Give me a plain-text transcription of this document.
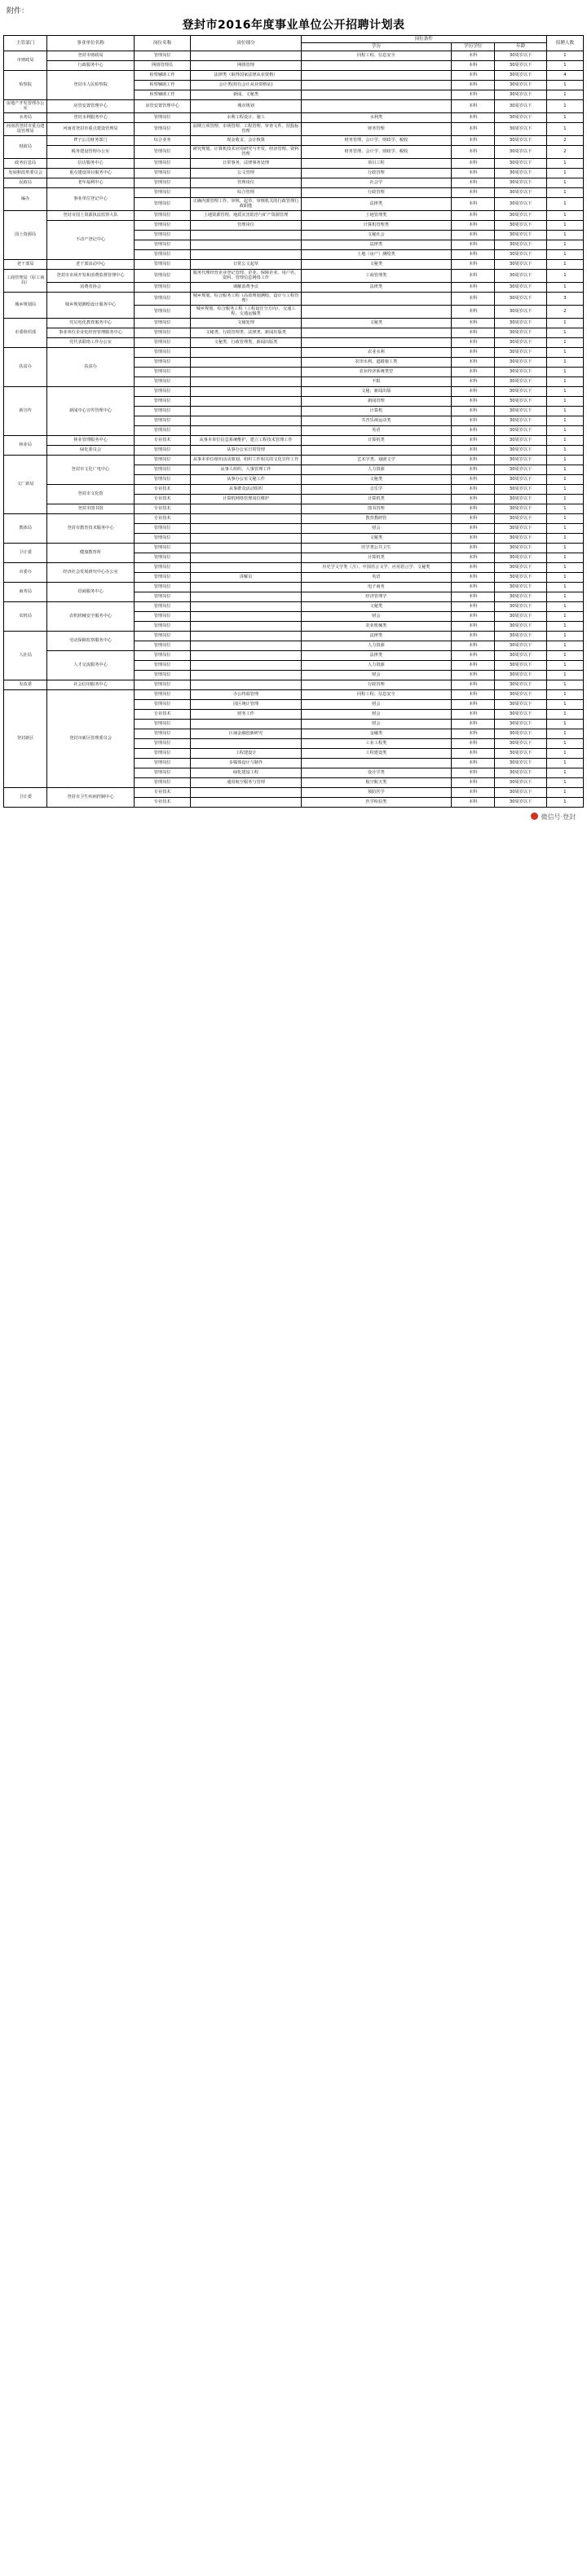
附件：
登封市2016年度事业单位公开招聘计划表
主管部门	事业单位名称	岗位名称	岗位细分	岗位条件			招聘人数
				学历	学历学位	年龄	
市财政局	登封市财政局	管理岗位		同程工程、信息安全	本科	30周岁以下	1
	行政服务中心	网络管理员	网络管理		本科	30周岁以下	1
检察院	登封市人民检察院	检察辅助工作	法律类（取得国家法律从业资格）		本科	30周岁以下	4
		检察辅助工作	会计类(持有会计从业资格证)		本科	30周岁以下	1
		检察辅助工作	新闻、文秘类		本科	30周岁以下	1
房地产开发管理办公室	房管安置管理中心	房管安置管理中心	城市规划		本科	30周岁以下	1
水务局	登封水利服务中心	管理岗位	水利工程设计、施工	水利类	本科	30周岁以下	1
河南省登封市重点建设管理局	河南省登封市重点建设管理局	管理岗位	前期立项管理、市场管理、工程管理、审查文件、招投标管理	财务管理	本科	30周岁以下	1
财政局	IT子公司财务部门	综合业务	现金收支、会计核算	财务管理、会计学、财政学、税收	本科	30周岁以下	2
	税务建设管理办公室	管理岗位	研究规划、计算机技术应用研究与开发、经济管理、资料管理	财务管理、会计学、财政学、税收	本科	30周岁以下	2
政务信息局	信访服务中心	管理岗位	日常事务、法律事务处理	项目工程	本科	30周岁以下	1
发展和改革委员会	重点建设项目服务中心	管理岗位	公文管理	行政管理	本科	30周岁以下	1
民政局	老年福利中心	管理岗位	管理岗位	社会学	本科	30周岁以下	1
编办	事业单位登记中心	管理岗位	综合管理	行政管理	本科	30周岁以下	1
		管理岗位	正确内部管理工作、审核、起草、审核机关的行政管理行政职能	法律类	本科	30周岁以下	1
国土资源局	登封市国土资源执法监察大队	管理岗位	土地资源管理、地质灾害防治与矿产资源管理	土地管理类	本科	30周岁以下	1
	不动产登记中心	管理岗位	管理岗位	计算机管理类	本科	30周岁以下	1
		管理岗位		文秘社会	本科	30周岁以下	1
		管理岗位		法律类	本科	30周岁以下	1
		管理岗位		土地（房产）测绘类	本科	30周岁以下	1
老干部局	老干部活动中心	管理岗位	日常公文起草	文秘类	本科	30周岁以下	1
工商管理局（原工商局）	登封市市场开发和消费监督管理中心	管理岗位	服务代理经营企业登记管理、企业、保障企业、用户名、资料、管理信息网络工作	工商管理类	本科	30周岁以下	1
	消费者协会	管理岗位	调解消费争议	法律类	本科	30周岁以下	1
城乡规划局	城乡规划测绘设计服务中心	管理岗位	城乡规划、综合服务工程（高效规划测绘、设计与工程管理）		本科	30周岁以下	3
		管理岗位	城乡规划、综合服务工程（工程设计分方向）、交通工程、交通运输类		本科	30周岁以下	2
市委组织部	党员电化教育服务中心	管理岗位	文秘处理	文秘类	本科	30周岁以下	1
	事业单位企业化经营管理服务中心	管理岗位	文秘类、行政管理类、法律类、新闻出版类		本科	30周岁以下	1
	党代表联络工作办公室	管理岗位	文秘类、行政管理类、新闻出版类		本科	30周岁以下	1
扶贫办	扶贫办	管理岗位		农业水利	本科	30周岁以下	1
		管理岗位		农田水利、道路施工类	本科	30周岁以下	1
		管理岗位		农业经济系统类型	本科	30周岁以下	1
		管理岗位		不限	本科	30周岁以下	1
新宣传	新闻中心宣传管理中心	管理岗位		文秘、新闻出版	本科	30周岁以下	1
		管理岗位		新闻管理	本科	30周岁以下	1
		管理岗位		计算机	本科	30周岁以下	1
		管理岗位		共青乐视运动类	本科	30周岁以下	1
		管理岗位		英语	本科	30周岁以下	1
林业局	林业管理服务中心	专业技术	从事本单位信息系统维护、建立工程技术管理工作	计算机类	本科	30周岁以下	1
	绿化委员会	管理岗位	从事办公室日常管理		本科	30周岁以下	1
文广新局	登封市文化广电中心	管理岗位	从事本单位组织活动策划、组织工作相关的文化宣传工作	艺术学类、戏剧文学	本科	30周岁以下	1
		管理岗位	从事人组织、人事管理工作	人力资源	本科	30周岁以下	1
		管理岗位	从事办公室文秘工作	文秘类	本科	30周岁以下	1
	登封市文化馆	专业技术	从事群众活动组织	音乐学	本科	30周岁以下	1
		专业技术	计算机网络管理岗位维护	计算机类	本科	30周岁以下	1
	登封市图书馆	专业技术		图书管理	本科	30周岁以下	1
教体局	登封市教育技术服务中心	专业技术		教育教研管	本科	30周岁以下	1
		管理岗位		财会	本科	30周岁以下	1
		管理岗位		文秘类	本科	30周岁以下	1
卫计委	健康教育所	管理岗位		医学类公共卫生	本科	30周岁以下	1
		管理岗位		计算机类	本科	30周岁以下	1
市委办	经济社会发展研究中心办公室	管理岗位		历史学文学类（含）、中国语言文学、应用语言学、文秘类	本科	30周岁以下	1
		管理岗位	讲解员	英语	本科	30周岁以下	1
商务局	招商服务中心	管理岗位		电子商务	本科	30周岁以下	1
		管理岗位		经济管理学	本科	30周岁以下	1
农机局	农机机械安全服务中心	管理岗位		文秘类	本科	30周岁以下	1
		管理岗位		财会	本科	30周岁以下	1
		管理岗位		农业机械类	本科	30周岁以下	1
人社局	劳动保障监察服务中心	管理岗位		法律类	本科	30周岁以下	1
		管理岗位		人力资源	本科	30周岁以下	1
	人才交流服务中心	管理岗位		法律类	本科	30周岁以下	1
		管理岗位		人力资源	本科	30周岁以下	1
		管理岗位		财会	本科	30周岁以下	1
发改委	社会信用服务中心	管理岗位		行政管理	本科	30周岁以下	1
登封新区	登封市新区管理委员会	管理岗位	办公终端管理	同程工程、信息安全	本科	30周岁以下	1
		管理岗位	园区统计管理	财会	本科	30周岁以下	1
		专业技术	财务工作	财会	本科	30周岁以下	1
		管理岗位		财会	本科	30周岁以下	1
		管理岗位	区域金融创新研究	金融类	本科	30周岁以下	1
		管理岗位		工业工程类	本科	30周岁以下	1
		管理岗位	工程建设计	工程建设类	本科	30周岁以下	1
		管理岗位	多媒体设计与制作		本科	30周岁以下	1
		管理岗位	绿化建设工程	设计学类	本科	30周岁以下	1
		管理岗位	通用航空服务与管理	航空航天类	本科	30周岁以下	1
卫计委	登封市卫生疾病控制中心	专业技术		预防医学	本科	30周岁以下	1
		专业技术		医学检验类	本科	30周岁以下	1
微信号·登封
